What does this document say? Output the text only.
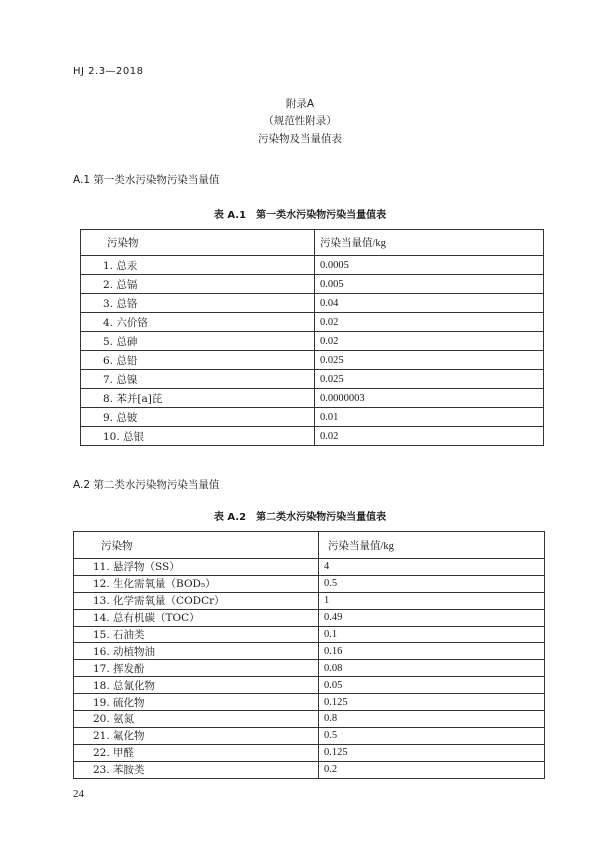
HJ 2.3—2018
附录A
（规范性附录）
污染物及当量值表
A.1 第一类水污染物污染当量值
表 A.1　第一类水污染物污染当量值表
污染物	污染当量值/kg
1. 总汞	0.0005
2. 总镉	0.005
3. 总铬	0.04
4. 六价铬	0.02
5. 总砷	0.02
6. 总铅	0.025
7. 总镍	0.025
8. 苯并[a]芘	0.0000003
9. 总铍	0.01
10. 总银	0.02
A.2 第二类水污染物污染当量值
表 A.2　第二类水污染物污染当量值表
污染物	污染当量值/kg
11. 悬浮物（SS）	4
12. 生化需氧量（BOD₅）	0.5
13. 化学需氧量（CODCr）	1
14. 总有机碳（TOC）	0.49
15. 石油类	0.1
16. 动植物油	0.16
17. 挥发酚	0.08
18. 总氰化物	0.05
19. 硫化物	0.125
20. 氨氮	0.8
21. 氟化物	0.5
22. 甲醛	0.125
23. 苯胺类	0.2
24
